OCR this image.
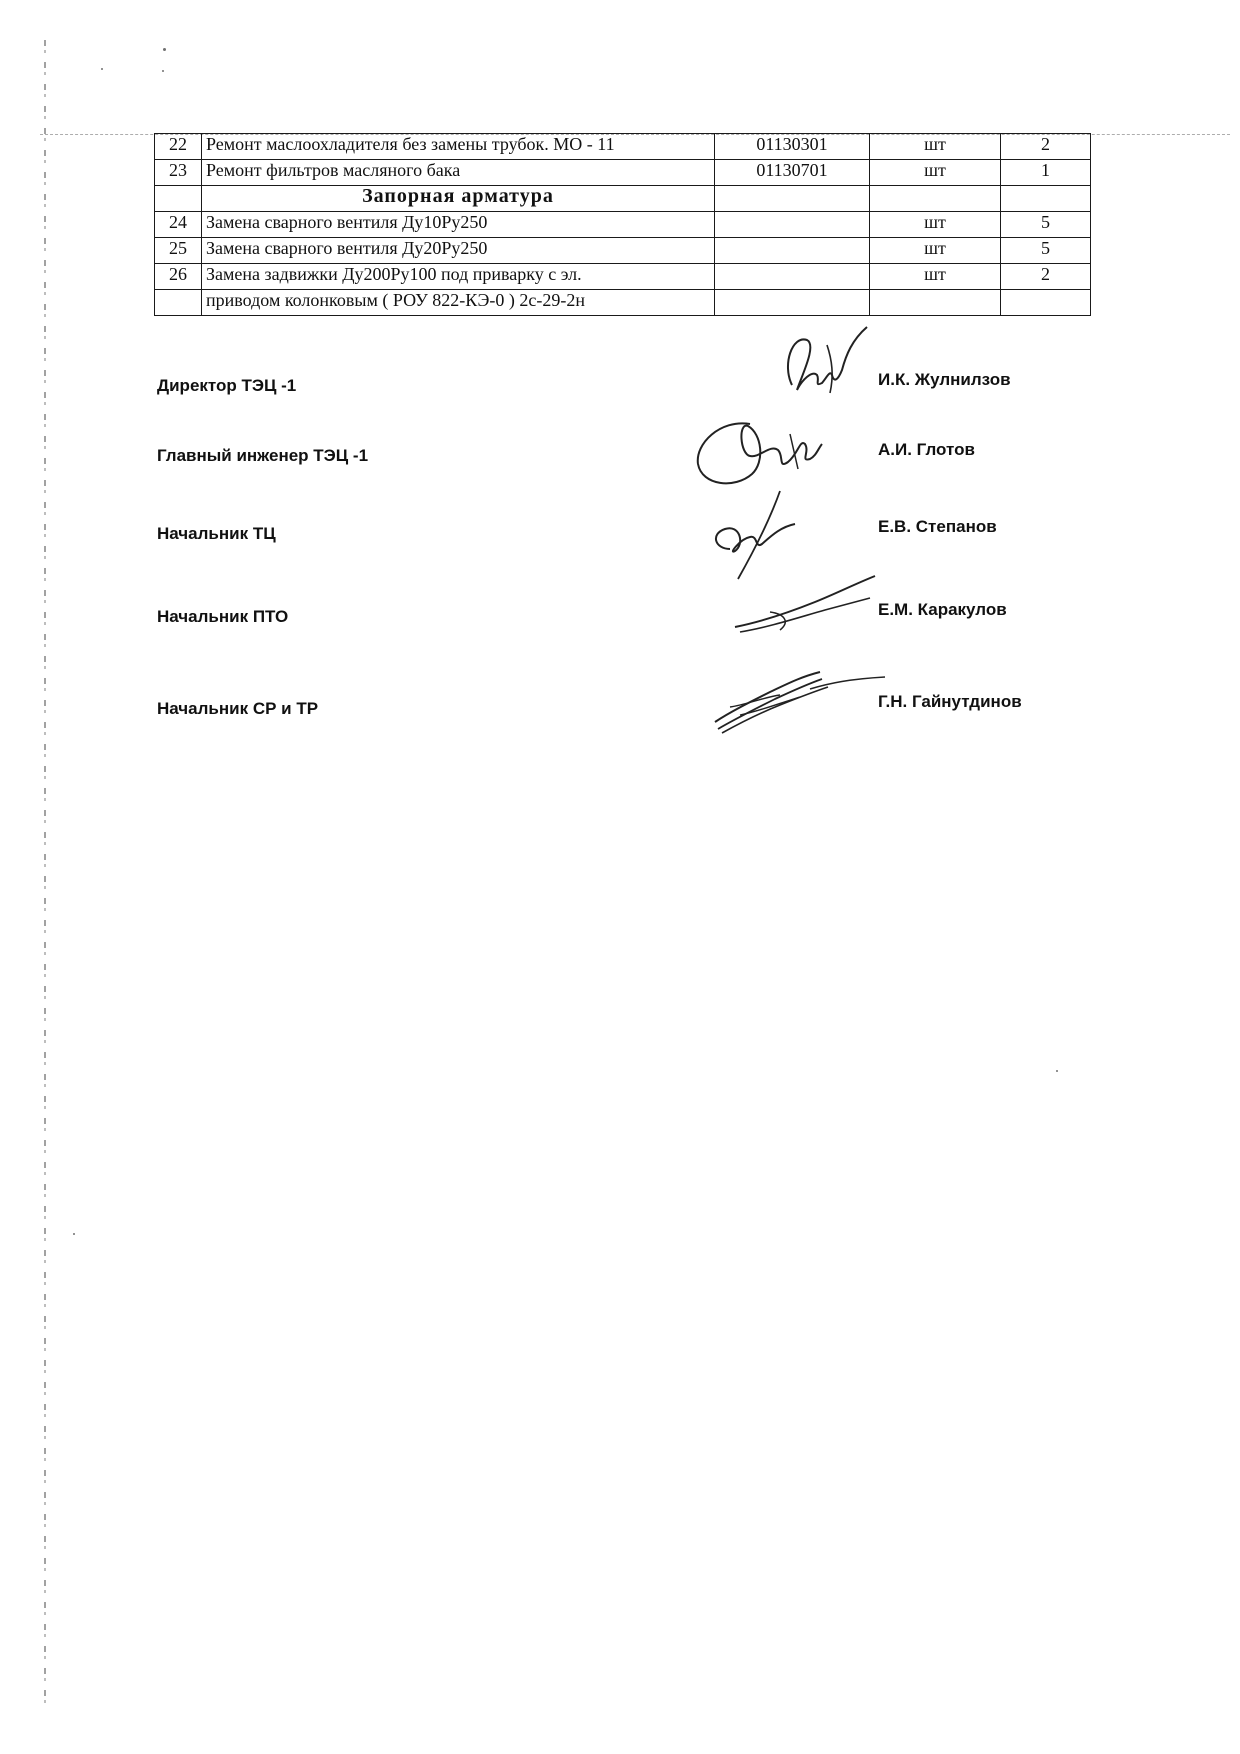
22	Ремонт маслоохладителя без замены трубок. МО - 11	01130301	шт	2
23	Ремонт фильтров масляного бака	01130701	шт	1
	Запорная арматура			
24	Замена сварного вентиля Ду10Ру250		шт	5
25	Замена сварного вентиля Ду20Ру250		шт	5
26	Замена задвижки Ду200Ру100 под приварку с эл.		шт	2
	приводом колонковым ( РОУ 822-КЭ-0 ) 2с-29-2н			
Директор ТЭЦ -1	И.К. Жулнилзов
Главный инженер ТЭЦ -1	А.И. Глотов
Начальник ТЦ	Е.В. Степанов
Начальник ПТО	Е.М. Каракулов
Начальник СР и ТР	Г.Н. Гайнутдинов
